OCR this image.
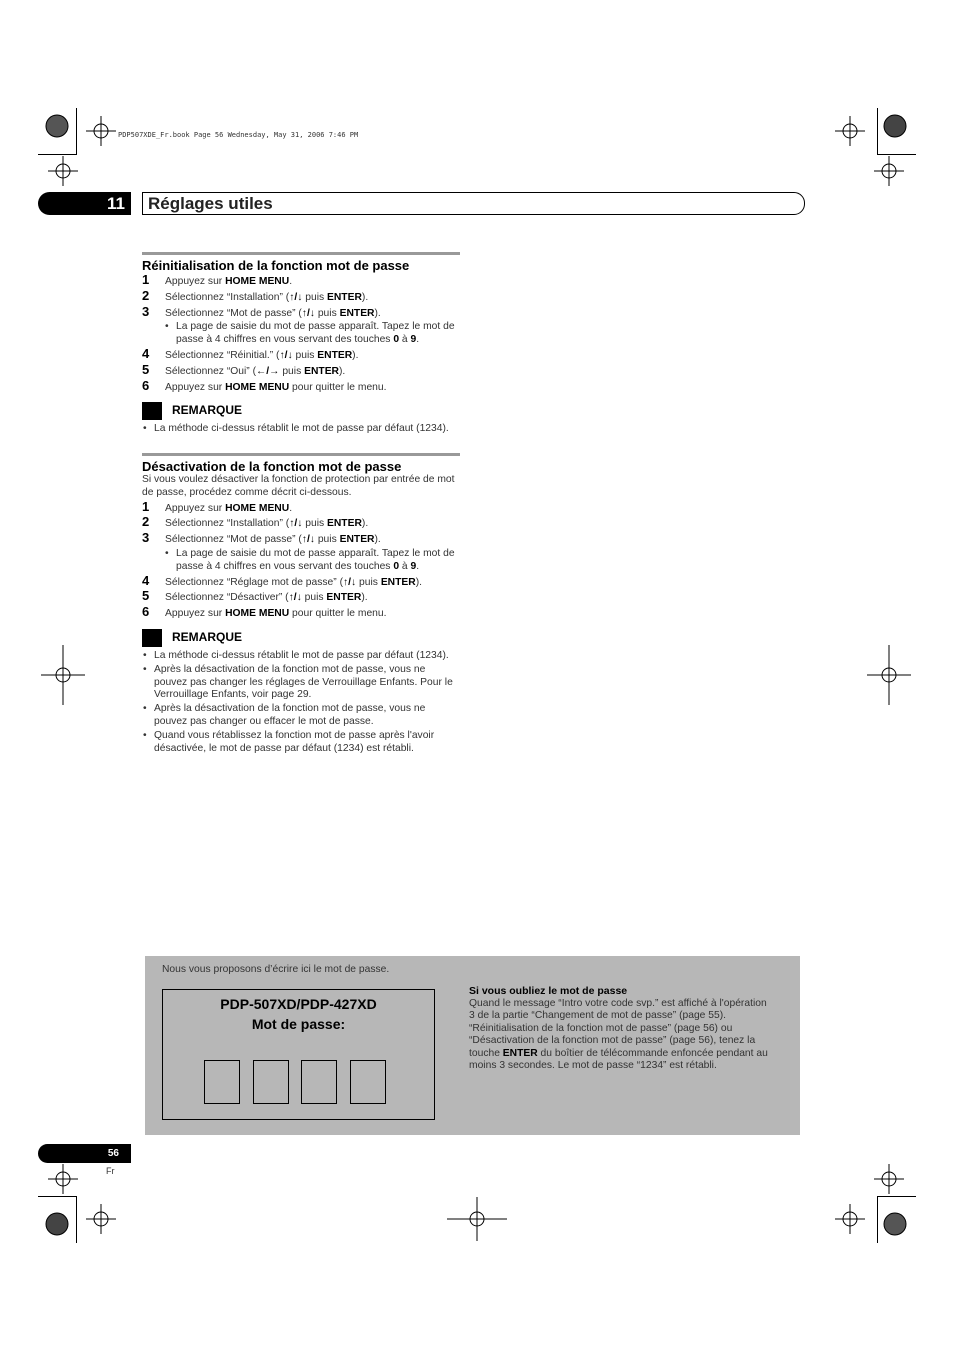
PDP507XDE_Fr.book Page 56 Wednesday, May 31, 2006 7:46 PM
11	Réglages utiles
Réinitialisation de la fonction mot de passe
1 Appuyez sur HOME MENU.
2 Sélectionnez “Installation” (↑/↓ puis ENTER).
3 Sélectionnez “Mot de passe” (↑/↓ puis ENTER).
• La page de saisie du mot de passe apparaît. Tapez le mot de passe à 4 chiffres en vous servant des touches 0 à 9.
4 Sélectionnez “Réinitial.” (↑/↓ puis ENTER).
5 Sélectionnez “Oui” (←/→ puis ENTER).
6 Appuyez sur HOME MENU pour quitter le menu.
REMARQUE
• La méthode ci-dessus rétablit le mot de passe par défaut (1234).
Désactivation de la fonction mot de passe
Si vous voulez désactiver la fonction de protection par entrée de mot de passe, procédez comme décrit ci-dessous.
1 Appuyez sur HOME MENU.
2 Sélectionnez “Installation” (↑/↓ puis ENTER).
3 Sélectionnez “Mot de passe” (↑/↓ puis ENTER).
• La page de saisie du mot de passe apparaît. Tapez le mot de passe à 4 chiffres en vous servant des touches 0 à 9.
4 Sélectionnez “Réglage mot de passe” (↑/↓ puis ENTER).
5 Sélectionnez “Désactiver” (↑/↓ puis ENTER).
6 Appuyez sur HOME MENU pour quitter le menu.
REMARQUE
• La méthode ci-dessus rétablit le mot de passe par défaut (1234).
• Après la désactivation de la fonction mot de passe, vous ne pouvez pas changer les réglages de Verrouillage Enfants. Pour le Verrouillage Enfants, voir page 29.
• Après la désactivation de la fonction mot de passe, vous ne pouvez pas changer ou effacer le mot de passe.
• Quand vous rétablissez la fonction mot de passe après l'avoir désactivée, le mot de passe par défaut (1234) est rétabli.
Nous vous proposons d’écrire ici le mot de passe.
PDP-507XD/PDP-427XD
Mot de passe:
Si vous oubliez le mot de passe
Quand le message “Intro votre code svp.” est affiché à l'opération 3 de la partie “Changement de mot de passe” (page 55). “Réinitialisation de la fonction mot de passe” (page 56) ou “Désactivation de la fonction mot de passe” (page 56), tenez la touche ENTER du boîtier de télécommande enfoncée pendant au moins 3 secondes. Le mot de passe “1234” est rétabli.
56
Fr
